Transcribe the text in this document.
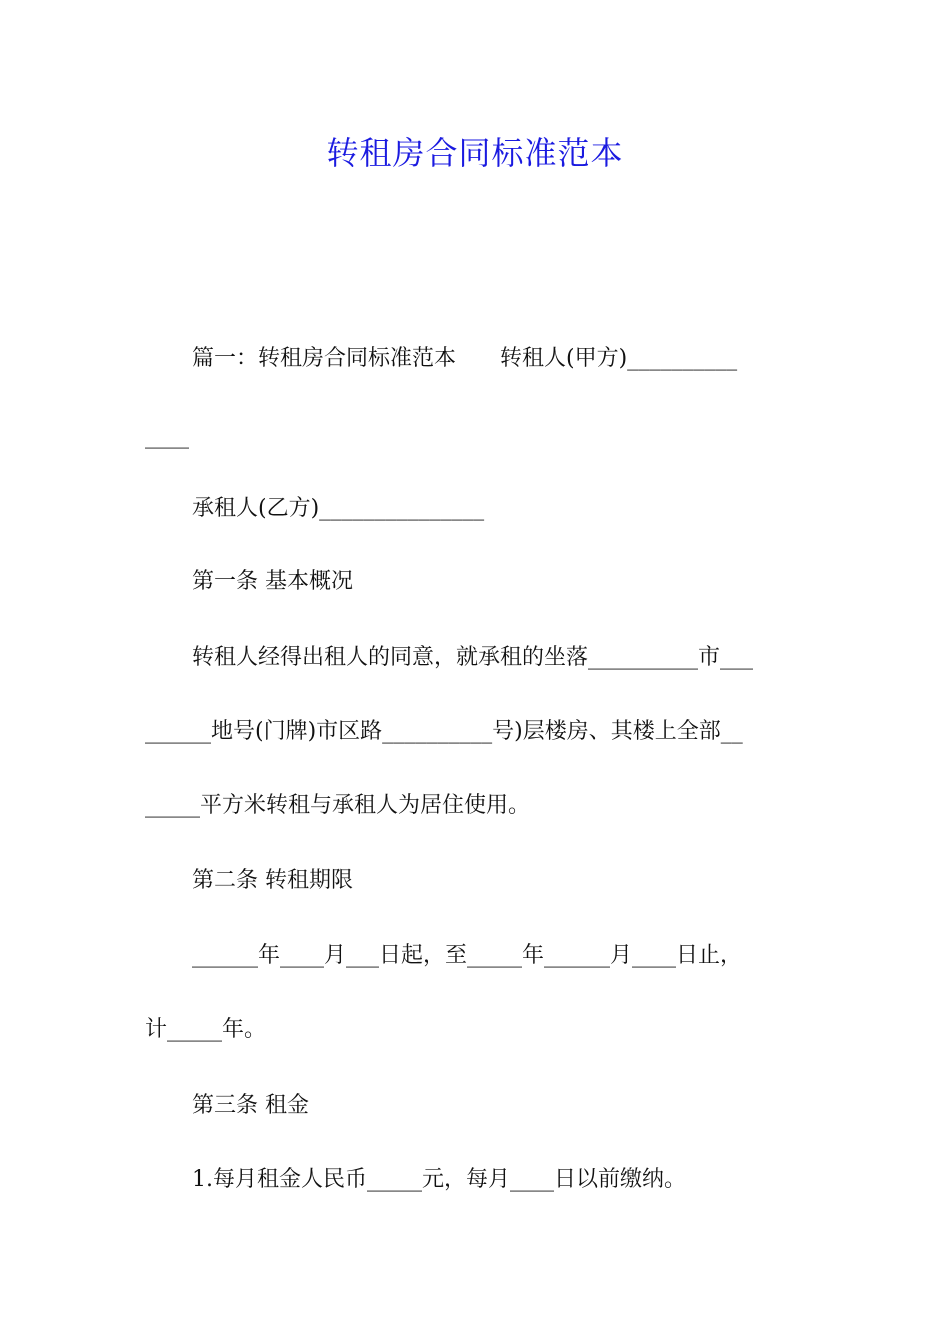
转租房合同标准范本
篇一：转租房合同标准范本　　转租人(甲方)__________
____
承租人(乙方)_______________
第一条 基本概况
转租人经得出租人的同意，就承租的坐落__________市___
______地号(门牌)市区路__________号)层楼房、其楼上全部__
_____平方米转租与承租人为居住使用。
第二条 转租期限
______年____月___日起，至_____年______月____日止，
计_____年。
第三条 租金
1.每月租金人民币_____元，每月____日以前缴纳。
